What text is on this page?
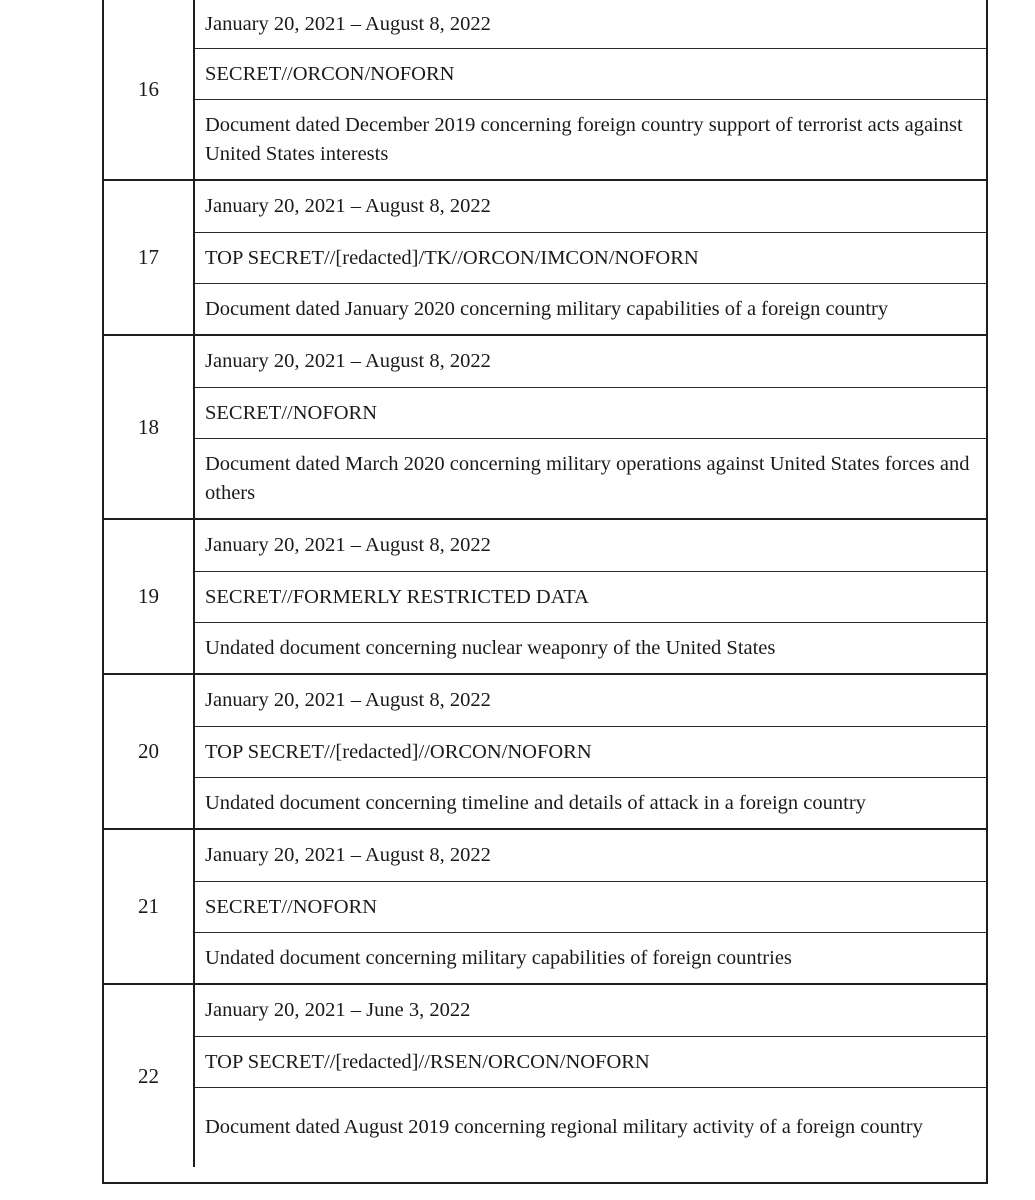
16
January 20, 2021 – August 8, 2022
SECRET//ORCON/NOFORN
Document dated December 2019 concerning foreign country support of terrorist acts against United States interests
17
January 20, 2021 – August 8, 2022
TOP SECRET//[redacted]/TK//ORCON/IMCON/NOFORN
Document dated January 2020 concerning military capabilities of a foreign country
18
January 20, 2021 – August 8, 2022
SECRET//NOFORN
Document dated March 2020 concerning military operations against United States forces and others
19
January 20, 2021 – August 8, 2022
SECRET//FORMERLY RESTRICTED DATA
Undated document concerning nuclear weaponry of the United States
20
January 20, 2021 – August 8, 2022
TOP SECRET//[redacted]//ORCON/NOFORN
Undated document concerning timeline and details of attack in a foreign country
21
January 20, 2021 – August 8, 2022
SECRET//NOFORN
Undated document concerning military capabilities of foreign countries
22
January 20, 2021 – June 3, 2022
TOP SECRET//[redacted]//RSEN/ORCON/NOFORN
Document dated August 2019 concerning regional military activity of a foreign country
